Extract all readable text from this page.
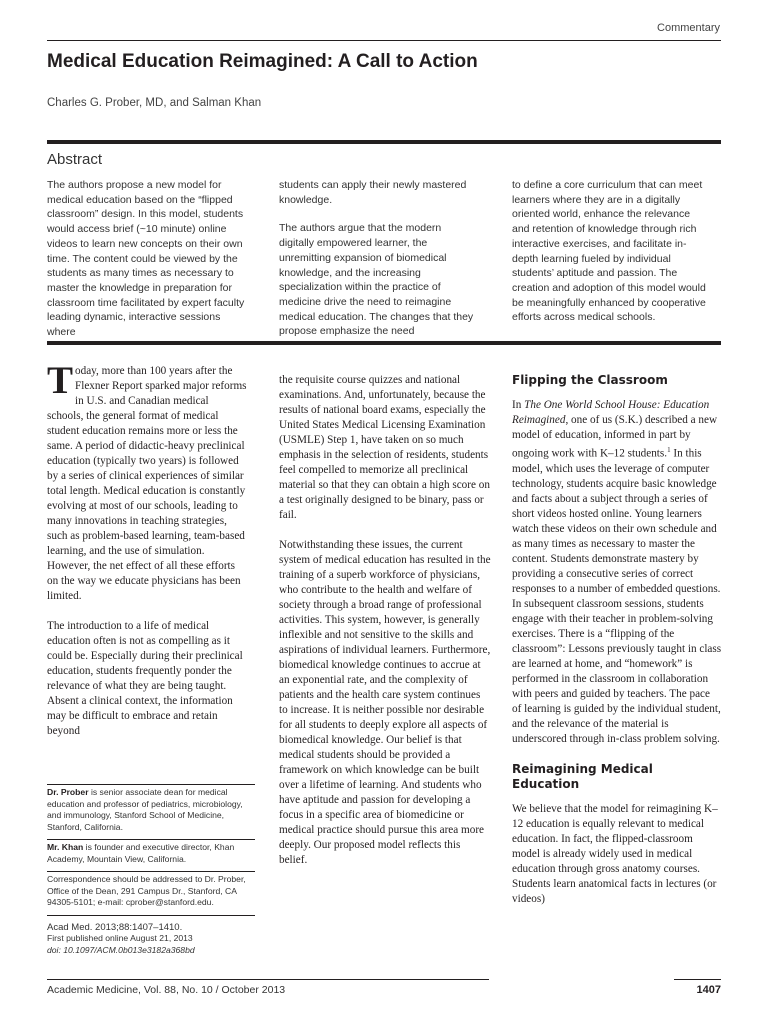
Commentary
Medical Education Reimagined: A Call to Action
Charles G. Prober, MD, and Salman Khan
Abstract

The authors propose a new model for medical education based on the “flipped classroom” design. In this model, students would access brief (~10 minute) online videos to learn new concepts on their own time. The content could be viewed by the students as many times as necessary to master the knowledge in preparation for classroom time facilitated by expert faculty leading dynamic, interactive sessions where

students can apply their newly mastered knowledge.

The authors argue that the modern digitally empowered learner, the unremitting expansion of biomedical knowledge, and the increasing specialization within the practice of medicine drive the need to reimagine medical education. The changes that they propose emphasize the need

to define a core curriculum that can meet learners where they are in a digitally oriented world, enhance the relevance and retention of knowledge through rich interactive exercises, and facilitate in-depth learning fueled by individual students’ aptitude and passion. The creation and adoption of this model would be meaningfully enhanced by cooperative efforts across medical schools.

Today, more than 100 years after the Flexner Report sparked major reforms in U.S. and Canadian medical schools, the general format of medical student education remains more or less the same. A period of didactic-heavy preclinical education (typically two years) is followed by a series of clinical experiences of similar total length. Medical education is constantly evolving at most of our schools, leading to many innovations in teaching strategies, such as problem-based learning, team-based learning, and the use of simulation. However, the net effect of all these efforts on the way we educate physicians has been limited.

The introduction to a life of medical education often is not as compelling as it could be. Especially during their preclinical education, students frequently ponder the relevance of what they are being taught. Absent a clinical context, the information may be difficult to embrace and retain beyond

the requisite course quizzes and national examinations. And, unfortunately, because the results of national board exams, especially the United States Medical Licensing Examination (USMLE) Step 1, have taken on so much emphasis in the selection of residents, students feel compelled to memorize all preclinical material so that they can obtain a high score on a test originally designed to be binary, pass or fail.

Notwithstanding these issues, the current system of medical education has resulted in the training of a superb workforce of physicians, who contribute to the health and welfare of society through a broad range of professional activities. This system, however, is generally inflexible and not sensitive to the skills and aspirations of individual learners. Furthermore, biomedical knowledge continues to accrue at an exponential rate, and the complexity of patients and the health care system continues to increase. It is neither possible nor desirable for all students to deeply explore all aspects of biomedical knowledge. Our belief is that medical students should be provided a framework on which knowledge can be built over a lifetime of learning. And students who have aptitude and passion for developing a focus in a specific area of biomedicine or medical practice should pursue this area more deeply. Our proposed model reflects this belief.

Flipping the Classroom

In The One World School House: Education Reimagined, one of us (S.K.) described a new model of education, informed in part by ongoing work with K–12 students.$^1$ In this model, which uses the leverage of computer technology, students acquire basic knowledge and facts about a subject through a series of short videos hosted online. Young learners watch these videos on their own schedule and as many times as necessary to master the content. Students demonstrate mastery by providing a consecutive series of correct responses to a number of embedded questions. In subsequent classroom sessions, students engage with their teacher in problem-solving exercises. There is a “flipping of the classroom”: Lessons previously taught in class are learned at home, and “homework” is performed in the classroom in collaboration with peers and guided by teachers. The pace of learning is guided by the individual student, and the relevance of the material is underscored through in-class problem solving.

Reimagining Medical Education

We believe that the model for reimagining K–12 education is equally relevant to medical education. In fact, the flipped-classroom model is already widely used in medical education through gross anatomy courses. Students learn anatomical facts in lectures (or videos)

Dr. Prober is senior associate dean for medical education and professor of pediatrics, microbiology, and immunology, Stanford School of Medicine, Stanford, California.

Mr. Khan is founder and executive director, Khan Academy, Mountain View, California.

Correspondence should be addressed to Dr. Prober, Office of the Dean, 291 Campus Dr., Stanford, CA 94305-5101; e-mail: cprober@stanford.edu.

Acad Med. 2013;88:1407–1410.
First published online August 21, 2013
doi: 10.1097/ACM.0b013e3182a368bd
Academic Medicine, Vol. 88, No. 10 / October 2013	1407
